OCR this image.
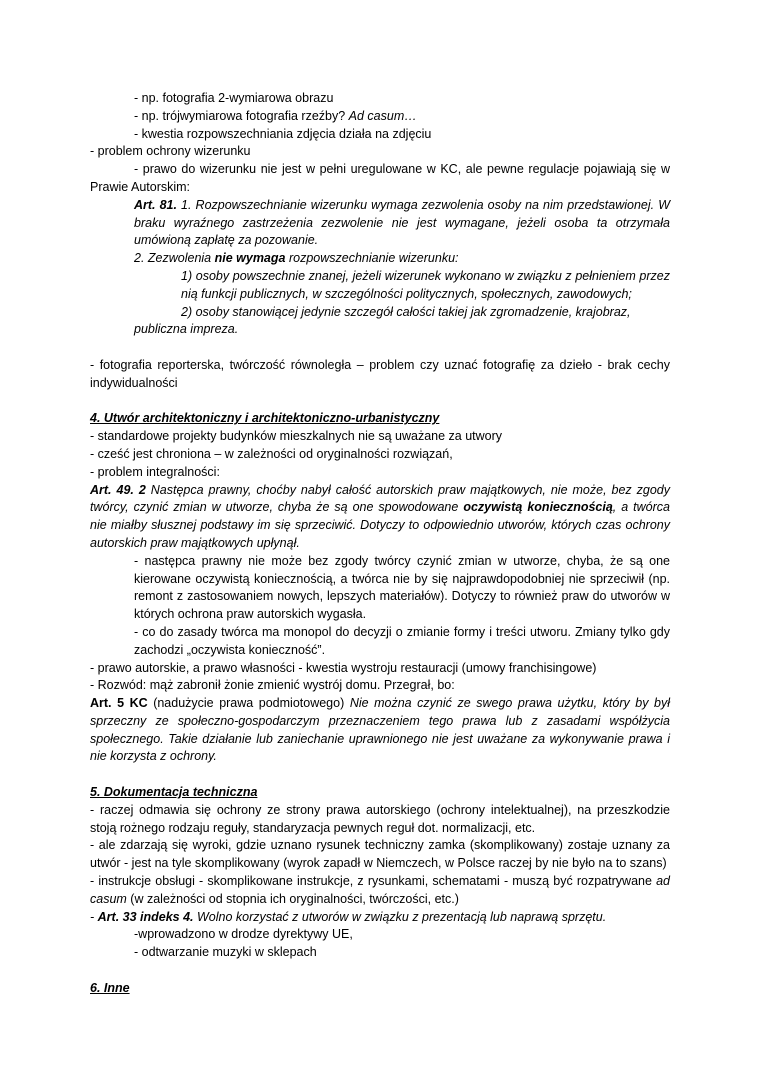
- np. fotografia 2-wymiarowa obrazu

- np. trójwymiarowa fotografia rzeźby? Ad casum…

- kwestia rozpowszechniania zdjęcia działa na zdjęciu

- problem ochrony wizerunku

- prawo do wizerunku nie jest w pełni uregulowane w KC, ale pewne regulacje pojawiają się w Prawie Autorskim:

Art. 81. 1. Rozpowszechnianie wizerunku wymaga zezwolenia osoby na nim przedstawionej. W braku wyraźnego zastrzeżenia zezwolenie nie jest wymagane, jeżeli osoba ta otrzymała umówioną zapłatę za pozowanie.

2. Zezwolenia nie wymaga rozpowszechnianie wizerunku:

1) osoby powszechnie znanej, jeżeli wizerunek wykonano w związku z pełnieniem przez nią funkcji publicznych, w szczególności politycznych, społecznych, zawodowych;

2) osoby stanowiącej jedynie szczegół całości takiej jak zgromadzenie, krajobraz,

publiczna impreza.

- fotografia reporterska, twórczość równoległa – problem czy uznać fotografię za dzieło - brak cechy indywidualności

4. Utwór architektoniczny i architektoniczno-urbanistyczny

- standardowe projekty budynków mieszkalnych nie są uważane za utwory

- cześć jest chroniona – w zależności od oryginalności rozwiązań,

- problem integralności:

Art. 49. 2 Następca prawny, choćby nabył całość autorskich praw majątkowych, nie może, bez zgody twórcy, czynić zmian w utworze, chyba że są one spowodowane oczywistą koniecznością, a twórca nie miałby słusznej podstawy im się sprzeciwić. Dotyczy to odpowiednio utworów, których czas ochrony autorskich praw majątkowych upłynął.

- następca prawny nie może bez zgody twórcy czynić zmian w utworze, chyba, że są one kierowane oczywistą koniecznością, a twórca nie by się najprawdopodobniej nie sprzeciwił (np. remont z zastosowaniem nowych, lepszych materiałów). Dotyczy to również praw do utworów w których ochrona praw autorskich wygasła.

- co do zasady twórca ma monopol do decyzji o zmianie formy i treści utworu. Zmiany tylko gdy zachodzi „oczywista konieczność”.

- prawo autorskie, a prawo własności - kwestia wystroju restauracji (umowy franchisingowe)

- Rozwód: mąż zabronił żonie zmienić wystrój domu. Przegrał, bo:

Art. 5 KC (nadużycie prawa podmiotowego) Nie można czynić ze swego prawa użytku, który by był sprzeczny ze społeczno-gospodarczym przeznaczeniem tego prawa lub z zasadami współżycia społecznego. Takie działanie lub zaniechanie uprawnionego nie jest uważane za wykonywanie prawa i nie korzysta z ochrony.

5. Dokumentacja techniczna

- raczej odmawia się ochrony ze strony prawa autorskiego (ochrony intelektualnej), na przeszkodzie stoją rożnego rodzaju reguły, standaryzacja pewnych reguł dot. normalizacji, etc.

- ale zdarzają się wyroki, gdzie uznano rysunek techniczny zamka (skomplikowany) zostaje uznany za utwór - jest na tyle skomplikowany (wyrok zapadł w Niemczech, w Polsce raczej by nie było na to szans)

- instrukcje obsługi - skomplikowane instrukcje, z rysunkami, schematami - muszą być rozpatrywane ad casum (w zależności od stopnia ich oryginalności, twórczości, etc.)

- Art. 33 indeks 4. Wolno korzystać z utworów w związku z prezentacją lub naprawą sprzętu.

-wprowadzono w drodze dyrektywy UE,

- odtwarzanie muzyki w sklepach

6. Inne
